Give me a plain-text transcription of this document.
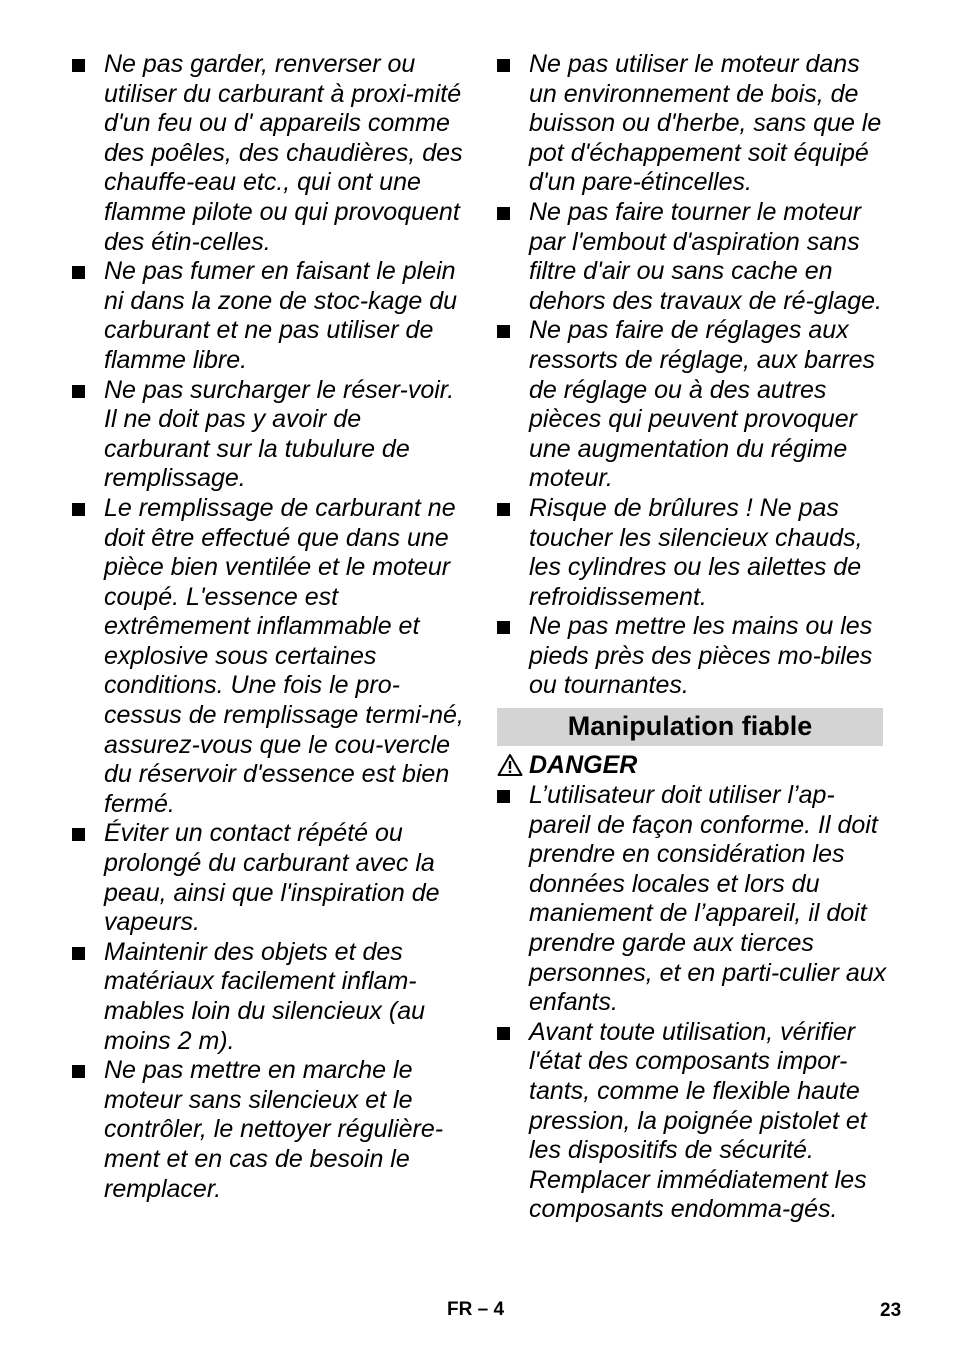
Ne pas garder, renverser ou utiliser du carburant à proxi-mité d'un feu ou d' appareils comme des poêles, des chaudières, des chauffe-eau etc., qui ont une flamme pilote ou qui provoquent des étin-celles.
Ne pas fumer en faisant le plein ni dans la zone de stoc-kage du carburant et ne pas utiliser de flamme libre.
Ne pas surcharger le réser-voir. Il ne doit pas y avoir de carburant sur la tubulure de remplissage.
Le remplissage de carburant ne doit être effectué que dans une pièce bien ventilée et le moteur coupé. L'essence est extrêmement inflammable et explosive sous certaines conditions. Une fois le pro-cessus de remplissage termi-né, assurez-vous que le cou-vercle du réservoir d'essence est bien fermé.
Éviter un contact répété ou prolongé du carburant avec la peau, ainsi que l'inspiration de vapeurs.
Maintenir des objets et des matériaux facilement inflam-mables loin du silencieux (au moins 2 m).
Ne pas mettre en marche le moteur sans silencieux et le contrôler, le nettoyer régulière-ment et en cas de besoin le remplacer.
Ne pas utiliser le moteur dans un environnement de bois, de buisson ou d'herbe, sans que le pot d'échappement soit équipé d'un pare-étincelles.
Ne pas faire tourner le moteur par l'embout d'aspiration sans filtre d'air ou sans cache en dehors des travaux de ré-glage.
Ne pas faire de réglages aux ressorts de réglage, aux barres de réglage ou à des autres pièces qui peuvent provoquer une augmentation du régime moteur.
Risque de brûlures ! Ne pas toucher les silencieux chauds, les cylindres ou les ailettes de refroidissement.
Ne pas mettre les mains ou les pieds près des pièces mo-biles ou tournantes.
Manipulation fiable
DANGER
L’utilisateur doit utiliser l’ap-pareil de façon conforme. Il doit prendre en considération les données locales et lors du maniement de l’appareil, il doit prendre garde aux tierces personnes, et en parti-culier aux enfants.
Avant toute utilisation, vérifier l'état des composants impor-tants, comme le flexible haute pression, la poignée pistolet et les dispositifs de sécurité. Remplacer immédiatement les composants endomma-gés.
FR – 4	23
